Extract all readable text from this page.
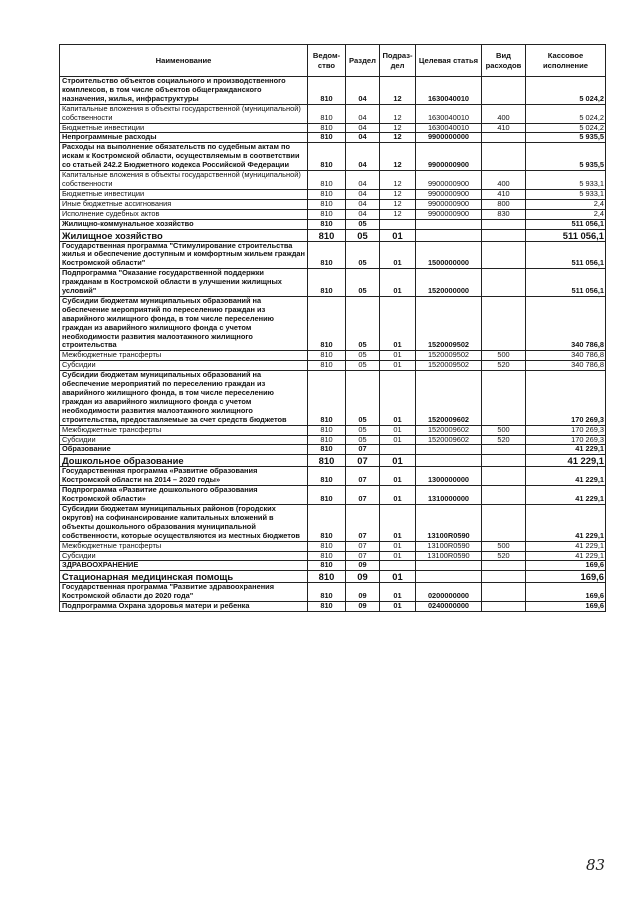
Наименование	Ведом-ство	Раздел	Подраз-дел	Целевая статья	Вид расходов	Кассовое исполнение
Строительство объектов социального и производственного комплексов, в том числе объектов общегражданского назначения, жилья, инфраструктуры	810	04	12	1630040010		5 024,2
Капитальные вложения в объекты государственной (муниципальной) собственности	810	04	12	1630040010	400	5 024,2
Бюджетные инвестиции	810	04	12	1630040010	410	5 024,2
Непрограммные расходы	810	04	12	9900000000		5 935,5
Расходы на выполнение обязательств по судебным актам по искам к Костромской области, осуществляемым в соответствии со статьей 242.2 Бюджетного кодекса Российской Федерации	810	04	12	9900000900		5 935,5
Капитальные вложения в объекты государственной (муниципальной) собственности	810	04	12	9900000900	400	5 933,1
Бюджетные инвестиции	810	04	12	9900000900	410	5 933,1
Иные бюджетные ассигнования	810	04	12	9900000900	800	2,4
Исполнение судебных актов	810	04	12	9900000900	830	2,4
Жилищно-коммунальное хозяйство	810	05				511 056,1
Жилищное хозяйство	810	05	01			511 056,1
Государственная программа "Стимулирование строительства жилья и обеспечение доступным и комфортным жильем граждан Костромской области"	810	05	01	1500000000		511 056,1
Подпрограмма "Оказание государственной поддержки гражданам в Костромской области в улучшении жилищных условий"	810	05	01	1520000000		511 056,1
Субсидии бюджетам муниципальных образований на обеспечение мероприятий по переселению граждан из аварийного жилищного фонда, в том числе переселению граждан из аварийного жилищного фонда с учетом необходимости развития малоэтажного жилищного строительства	810	05	01	1520009502		340 786,8
Межбюджетные трансферты	810	05	01	1520009502	500	340 786,8
Субсидии	810	05	01	1520009502	520	340 786,8
Субсидии бюджетам муниципальных образований на обеспечение мероприятий по переселению граждан из аварийного жилищного фонда, в том числе переселению граждан из аварийного жилищного фонда с учетом необходимости развития малоэтажного жилищного строительства, предоставляемые за счет средств бюджетов	810	05	01	1520009602		170 269,3
Межбюджетные трансферты	810	05	01	1520009602	500	170 269,3
Субсидии	810	05	01	1520009602	520	170 269,3
Образование	810	07				41 229,1
Дошкольное образование	810	07	01			41 229,1
Государственная программа «Развитие образования Костромской области на 2014 – 2020 годы»	810	07	01	1300000000		41 229,1
Подпрограмма «Развитие дошкольного образования Костромской области»	810	07	01	1310000000		41 229,1
Субсидии бюджетам муниципальных районов (городских округов) на софинансирование капитальных вложений в объекты дошкольного образования муниципальной собственности, которые осуществляются из местных бюджетов	810	07	01	13100R0590		41 229,1
Межбюджетные трансферты	810	07	01	13100R0590	500	41 229,1
Субсидии	810	07	01	13100R0590	520	41 229,1
ЗДРАВООХРАНЕНИЕ	810	09				169,6
Стационарная медицинская помощь	810	09	01			169,6
Государственная программа "Развитие здравоохранения Костромской области до 2020 года"	810	09	01	0200000000		169,6
Подпрограмма Охрана здоровья матери и ребенка	810	09	01	0240000000		169,6
83
